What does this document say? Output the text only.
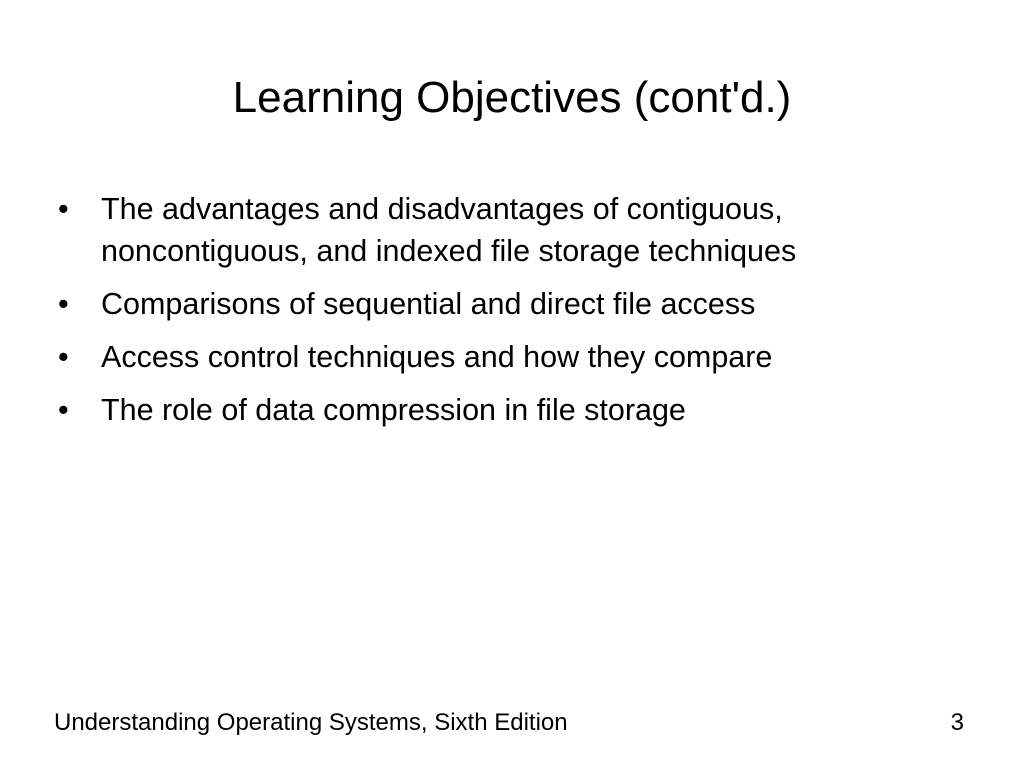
Learning Objectives (cont'd.)
•	The advantages and disadvantages of contiguous, noncontiguous, and indexed file storage techniques
•	Comparisons of sequential and direct file access
•	Access control techniques and how they compare
•	The role of data compression in file storage
Understanding Operating Systems, Sixth Edition	3
